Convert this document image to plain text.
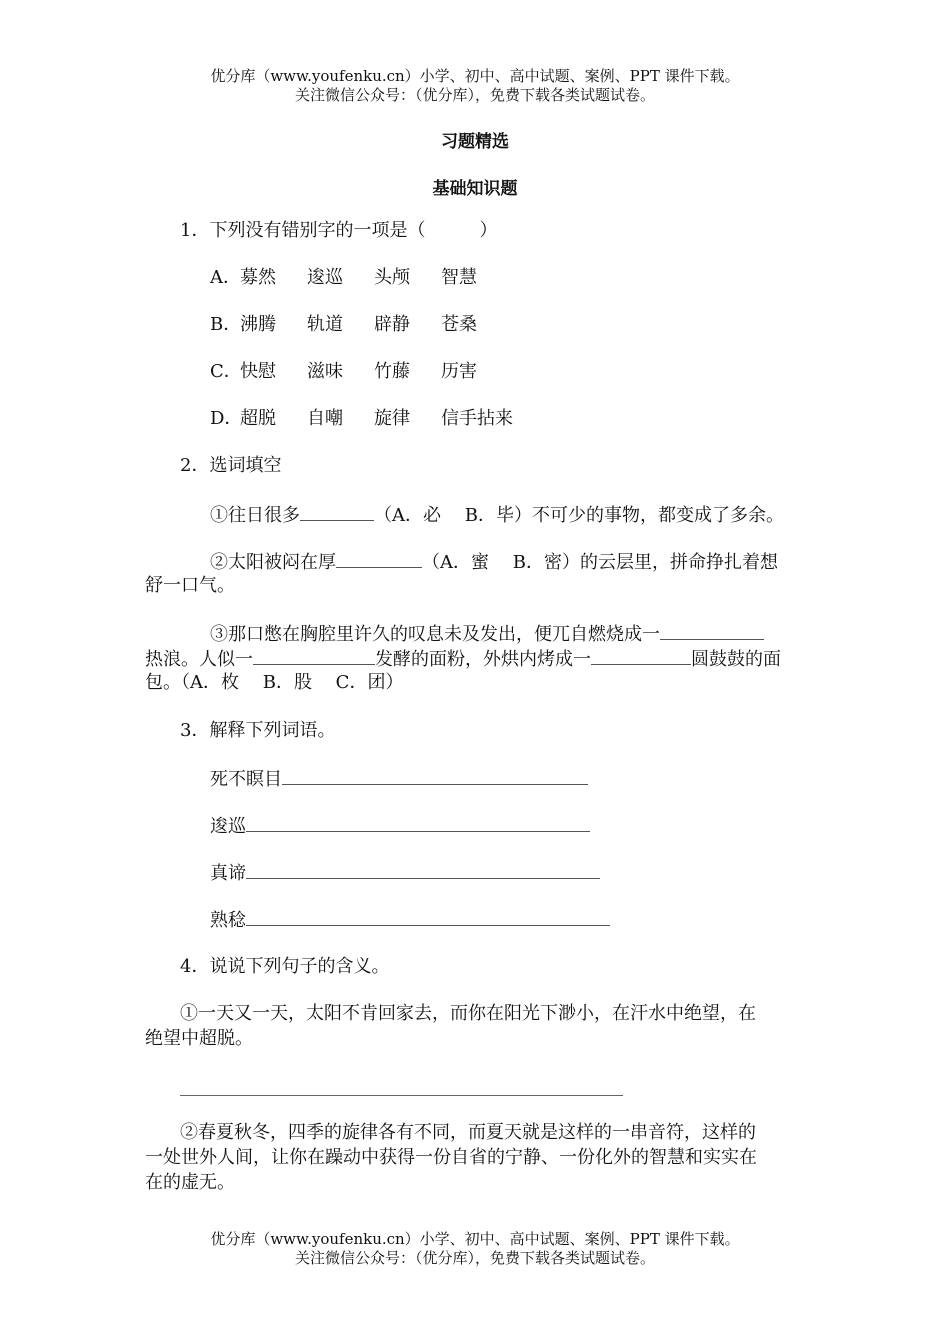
优分库（www.youfenku.cn）小学、初中、高中试题、案例、PPT 课件下载。
关注微信公众号：（优分库），免费下载各类试题试卷。
习题精选
基础知识题
1．下列没有错别字的一项是（　　　）
A．募然 逡巡 头颅 智慧
B．沸腾 轨道 辟静 苍桑
C．快慰 滋味 竹藤 历害
D．超脱 自嘲 旋律 信手拈来
2．选词填空
①往日很多	（A．必　 B．毕）不可少的事物，都变成了多余。
②太阳被闷在厚	（A．蜜　 B．密）的云层里，拼命挣扎着想
舒一口气。
③那口憋在胸腔里许久的叹息未及发出，便兀自燃烧成一
热浪。人似一	发酵的面粉，外烘内烤成一	圆鼓鼓的面
包。（A．枚　 B．股　 C．团）
3．解释下列词语。
死不瞑目
逡巡
真谛
熟稔
4．说说下列句子的含义。
①一天又一天，太阳不肯回家去，而你在阳光下渺小，在汗水中绝望，在
绝望中超脱。
②春夏秋冬，四季的旋律各有不同，而夏天就是这样的一串音符，这样的
一处世外人间，让你在躁动中获得一份自省的宁静、一份化外的智慧和实实在
在的虚无。
优分库（www.youfenku.cn）小学、初中、高中试题、案例、PPT 课件下载。
关注微信公众号：（优分库），免费下载各类试题试卷。
